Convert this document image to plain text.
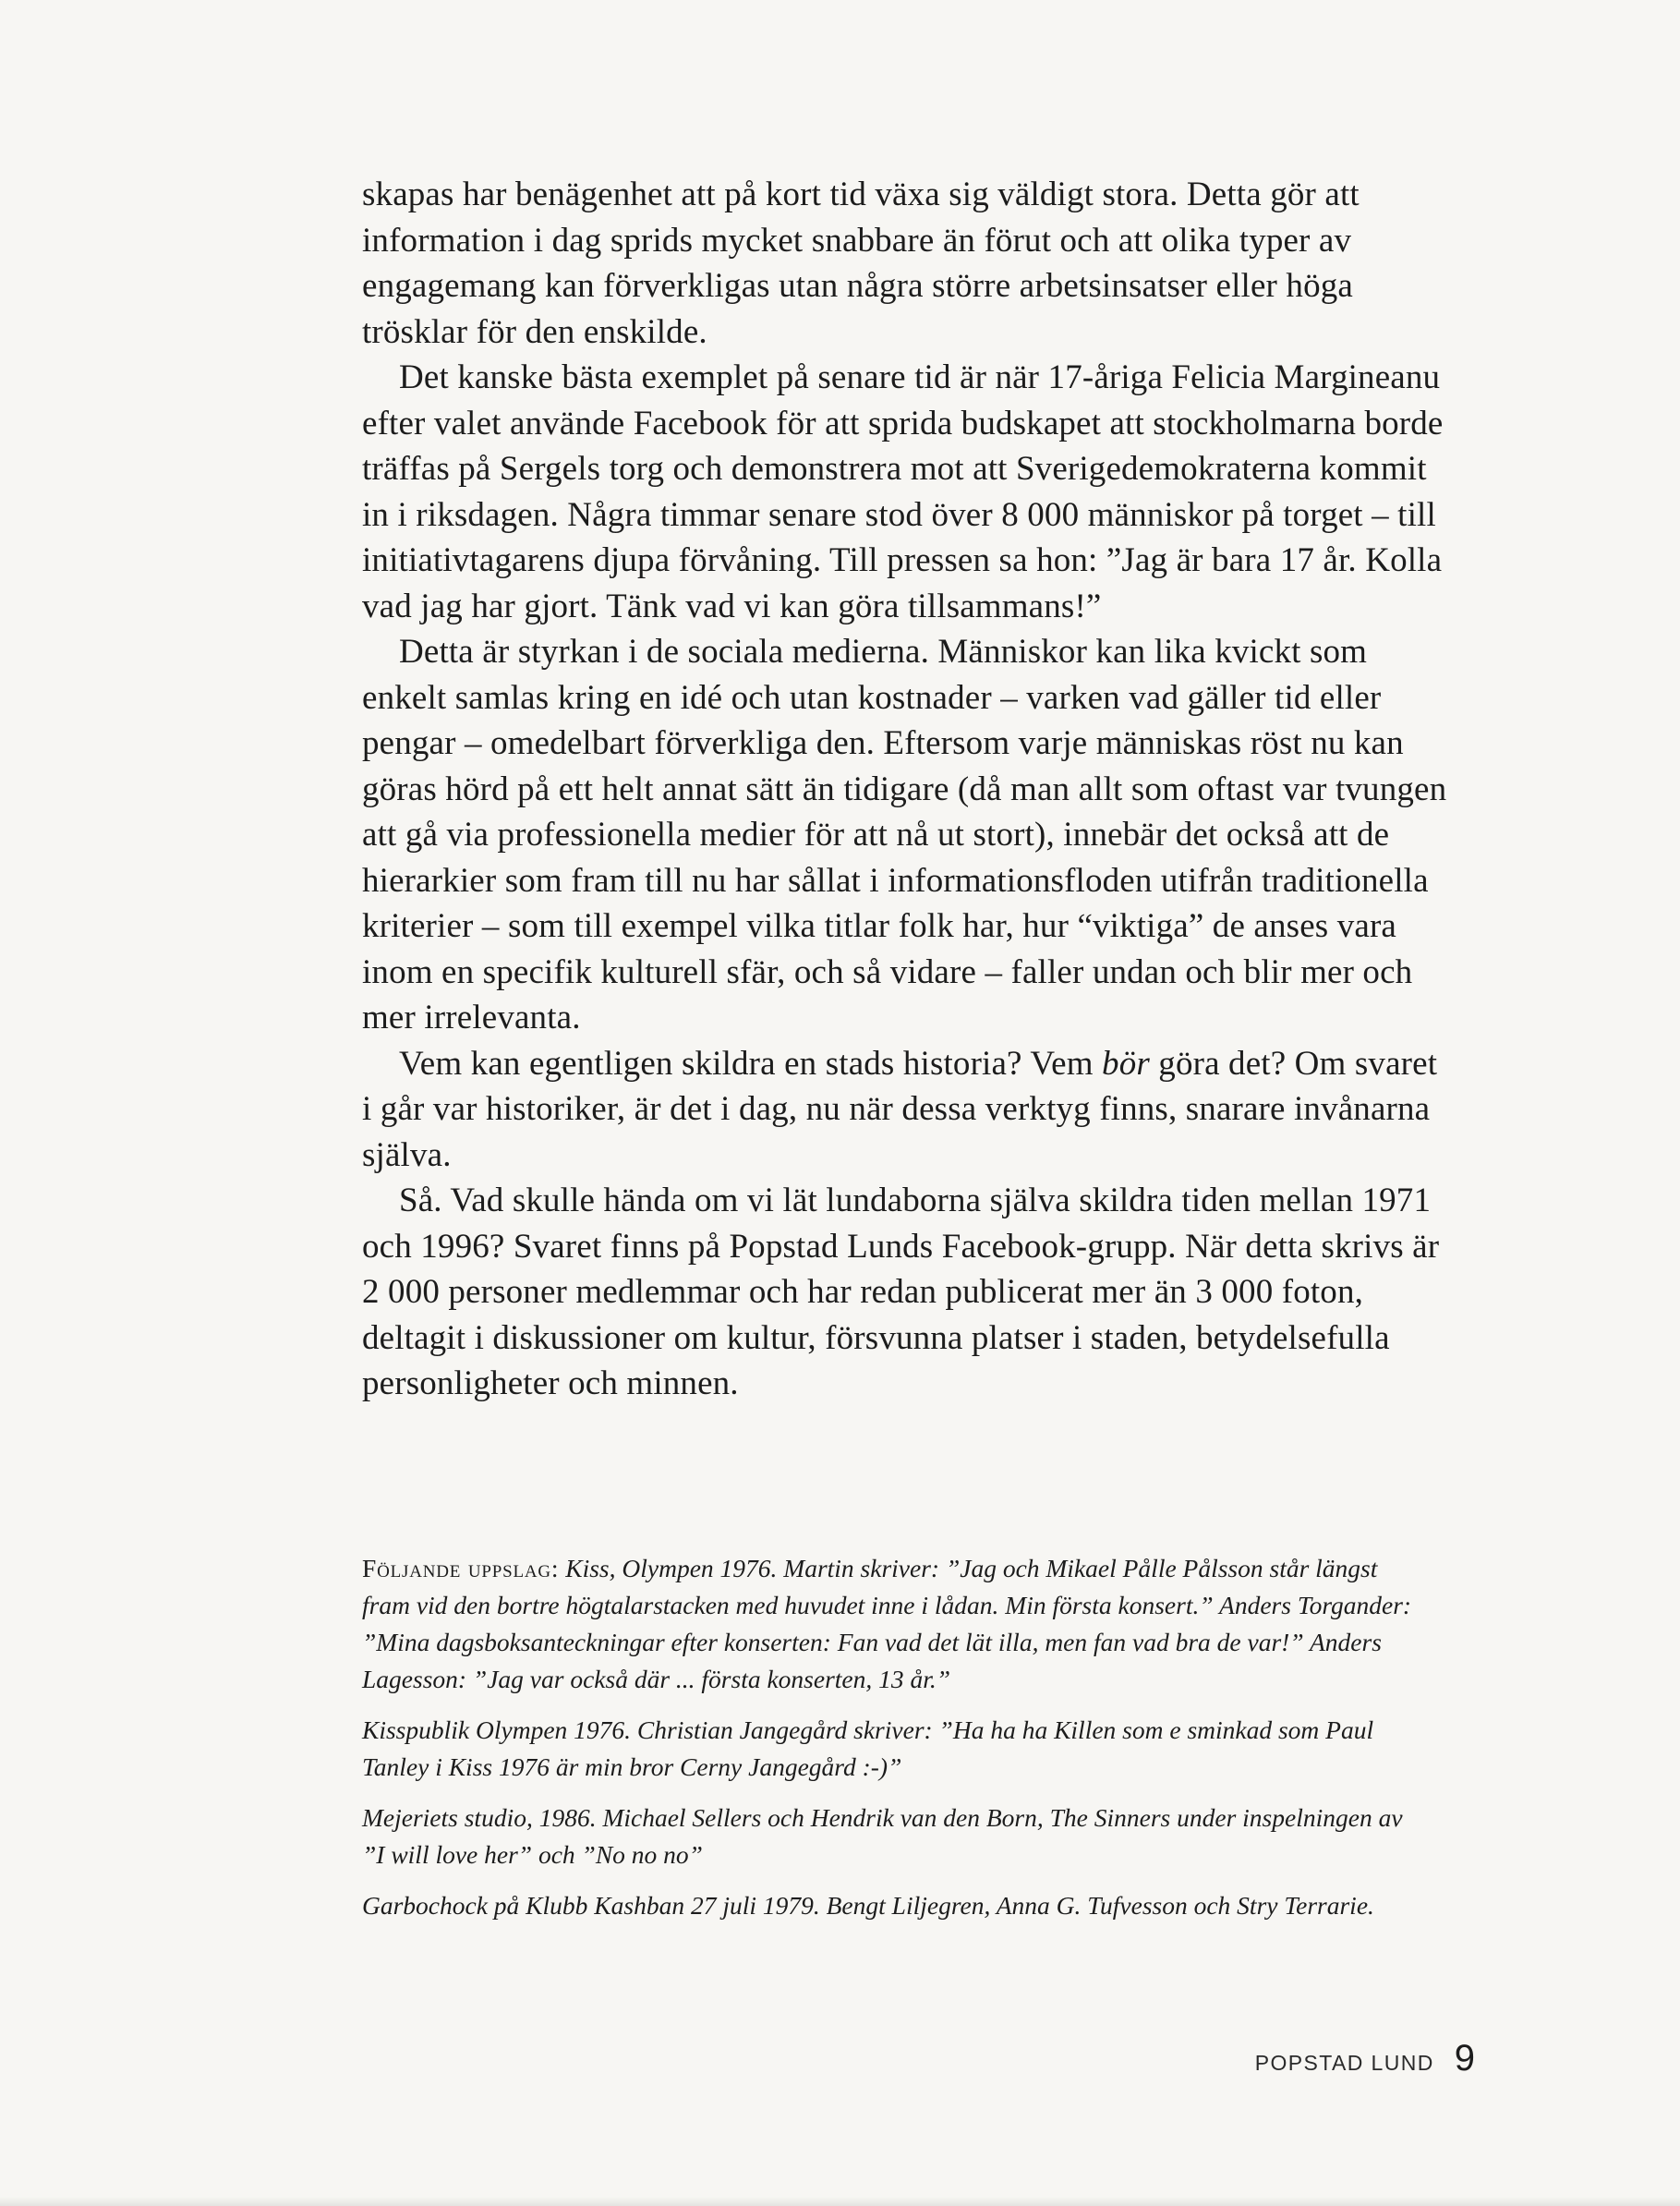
skapas har benägenhet att på kort tid växa sig väldigt stora. Detta gör att information i dag sprids mycket snabbare än förut och att olika typer av engagemang kan förverkligas utan några större arbetsinsatser eller höga trösklar för den enskilde.

Det kanske bästa exemplet på senare tid är när 17-åriga Felicia Margineanu efter valet använde Facebook för att sprida budskapet att stockholmarna borde träffas på Sergels torg och demonstrera mot att Sverigedemokraterna kommit in i riksdagen. Några timmar senare stod över 8 000 människor på torget – till initiativtagarens djupa förvåning. Till pressen sa hon: ”Jag är bara 17 år. Kolla vad jag har gjort. Tänk vad vi kan göra tillsammans!”

Detta är styrkan i de sociala medierna. Människor kan lika kvickt som enkelt samlas kring en idé och utan kostnader – varken vad gäller tid eller pengar – omedelbart förverkliga den. Eftersom varje människas röst nu kan göras hörd på ett helt annat sätt än tidigare (då man allt som oftast var tvungen att gå via professionella medier för att nå ut stort), innebär det också att de hierarkier som fram till nu har sållat i informationsfloden utifrån traditionella kriterier – som till exempel vilka titlar folk har, hur “viktiga” de anses vara inom en specifik kulturell sfär, och så vidare – faller undan och blir mer och mer irrelevanta.

Vem kan egentligen skildra en stads historia? Vem bör göra det? Om svaret i går var historiker, är det i dag, nu när dessa verktyg finns, snarare invånarna själva.

Så. Vad skulle hända om vi lät lundaborna själva skildra tiden mellan 1971 och 1996? Svaret finns på Popstad Lunds Facebook-grupp. När detta skrivs är 2 000 personer medlemmar och har redan publicerat mer än 3 000 foton, deltagit i diskussioner om kultur, försvunna platser i staden, betydelsefulla personligheter och minnen.

Följande uppslag: Kiss, Olympen 1976. Martin skriver: ”Jag och Mikael Pålle Pålsson står längst fram vid den bortre högtalarstacken med huvudet inne i lådan. Min första konsert.” Anders Torgander: ”Mina dagsboksanteckningar efter konserten: Fan vad det lät illa, men fan vad bra de var!” Anders Lagesson: ”Jag var också där ... första konserten, 13 år.”

Kisspublik Olympen 1976. Christian Jangegård skriver: ”Ha ha ha Killen som e sminkad som Paul Tanley i Kiss 1976 är min bror Cerny Jangegård :-)”

Mejeriets studio, 1986. Michael Sellers och Hendrik van den Born, The Sinners under inspelningen av ”I will love her” och ”No no no”

Garbochock på Klubb Kashban 27 juli 1979. Bengt Liljegren, Anna G. Tufvesson och Stry Terrarie.

POPSTAD LUND 9
